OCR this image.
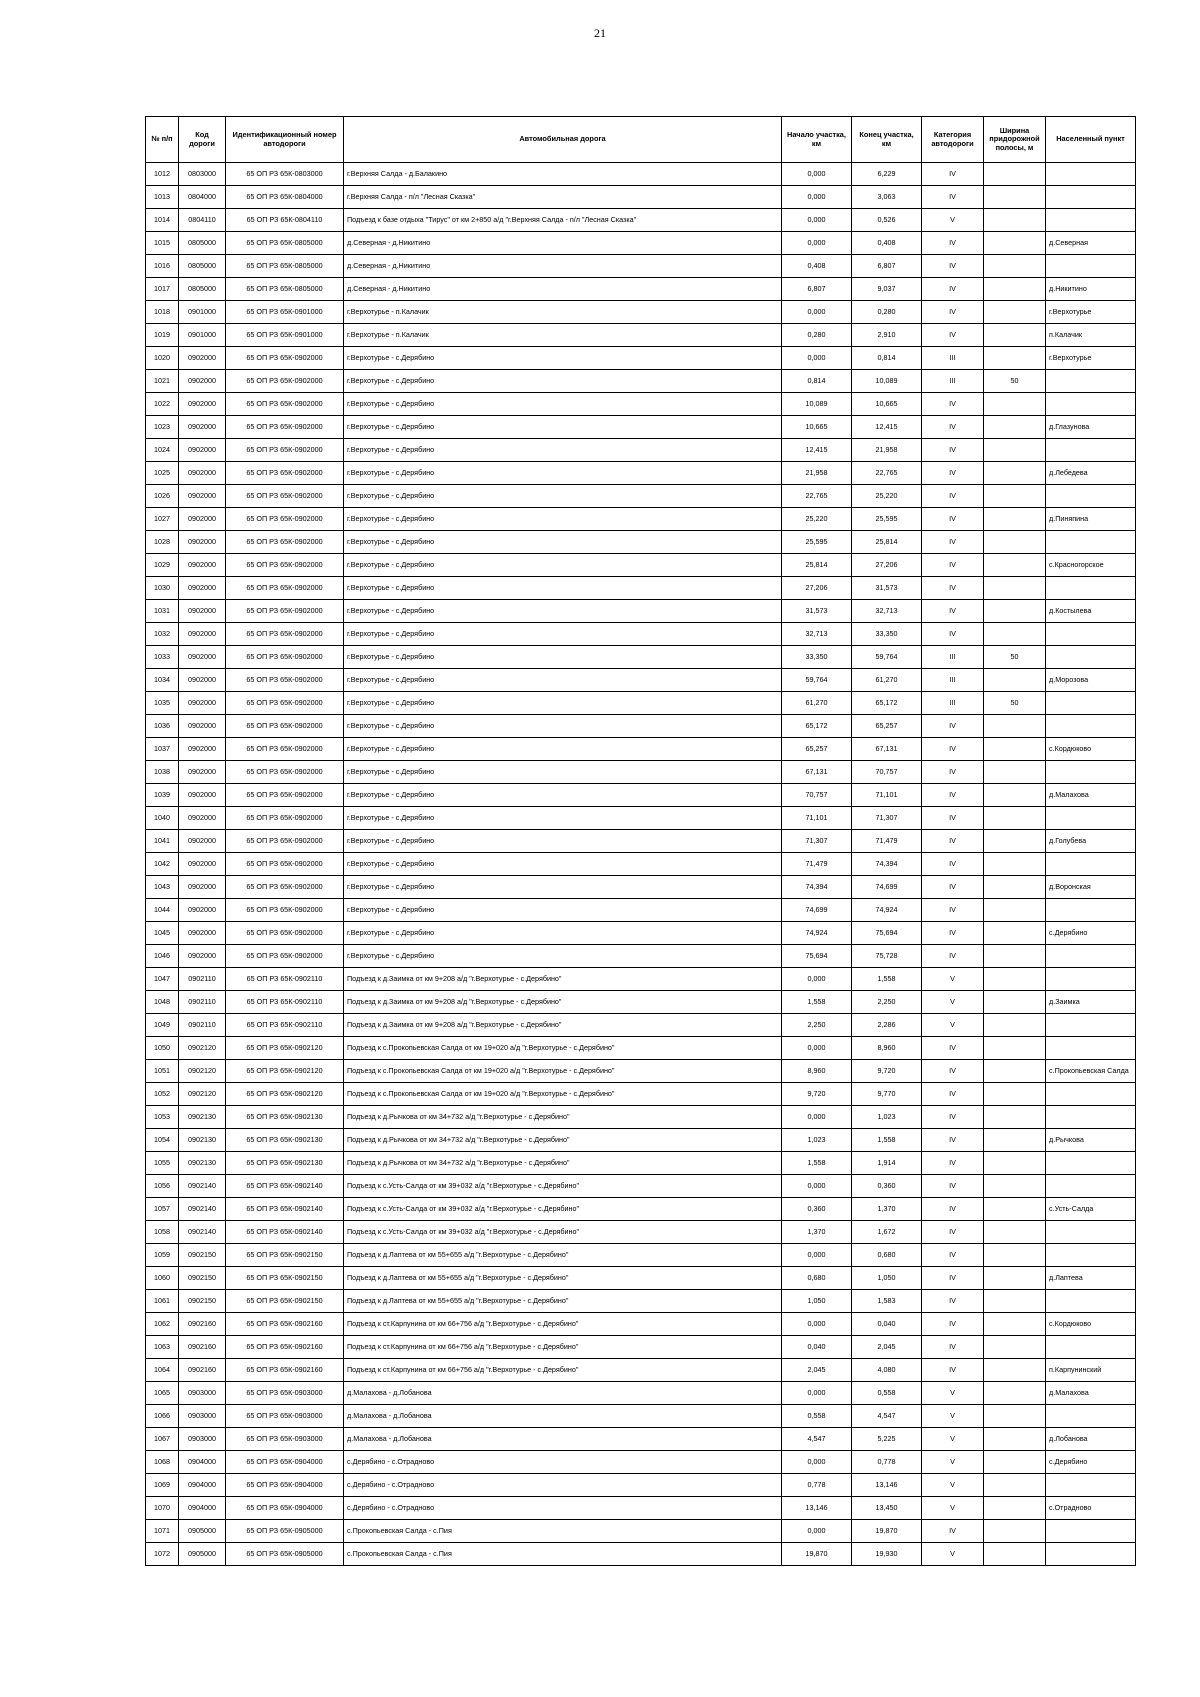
21
№ п/п	Код дороги	Идентификационный номер автодороги	Автомобильная дорога	Начало участка, км	Конец участка, км	Категория автодороги	Ширина придорожной полосы, м	Населенный пункт
1012	0803000	65 ОП РЗ 65К-0803000	г.Верхняя Салда - д.Балакино	0,000	6,229	IV		
1013	0804000	65 ОП РЗ 65К-0804000	г.Верхняя Салда - п/л "Лесная Сказка"	0,000	3,063	IV		
1014	0804110	65 ОП РЗ 65К-0804110	Подъезд к базе отдыха "Тирус" от км 2+850 а/д "г.Верхняя Салда - п/л "Лесная Сказка"	0,000	0,526	V		
1015	0805000	65 ОП РЗ 65К-0805000	д.Северная - д.Никитино	0,000	0,408	IV		д.Северная
1016	0805000	65 ОП РЗ 65К-0805000	д.Северная - д.Никитино	0,408	6,807	IV		
1017	0805000	65 ОП РЗ 65К-0805000	д.Северная - д.Никитино	6,807	9,037	IV		д.Никитино
1018	0901000	65 ОП РЗ 65К-0901000	г.Верхотурье - п.Калачик	0,000	0,280	IV		г.Верхотурье
1019	0901000	65 ОП РЗ 65К-0901000	г.Верхотурье - п.Калачик	0,280	2,910	IV		п.Калачик
1020	0902000	65 ОП РЗ 65К-0902000	г.Верхотурье - с.Дерябино	0,000	0,814	III		г.Верхотурье
1021	0902000	65 ОП РЗ 65К-0902000	г.Верхотурье - с.Дерябино	0,814	10,089	III	50	
1022	0902000	65 ОП РЗ 65К-0902000	г.Верхотурье - с.Дерябино	10,089	10,665	IV		
1023	0902000	65 ОП РЗ 65К-0902000	г.Верхотурье - с.Дерябино	10,665	12,415	IV		д.Глазунова
1024	0902000	65 ОП РЗ 65К-0902000	г.Верхотурье - с.Дерябино	12,415	21,958	IV		
1025	0902000	65 ОП РЗ 65К-0902000	г.Верхотурье - с.Дерябино	21,958	22,765	IV		д.Лебедева
1026	0902000	65 ОП РЗ 65К-0902000	г.Верхотурье - с.Дерябино	22,765	25,220	IV		
1027	0902000	65 ОП РЗ 65К-0902000	г.Верхотурье - с.Дерябино	25,220	25,595	IV		д.Пиняпина
1028	0902000	65 ОП РЗ 65К-0902000	г.Верхотурье - с.Дерябино	25,595	25,814	IV		
1029	0902000	65 ОП РЗ 65К-0902000	г.Верхотурье - с.Дерябино	25,814	27,206	IV		с.Красногорское
1030	0902000	65 ОП РЗ 65К-0902000	г.Верхотурье - с.Дерябино	27,206	31,573	IV		
1031	0902000	65 ОП РЗ 65К-0902000	г.Верхотурье - с.Дерябино	31,573	32,713	IV		д.Костылева
1032	0902000	65 ОП РЗ 65К-0902000	г.Верхотурье - с.Дерябино	32,713	33,350	IV		
1033	0902000	65 ОП РЗ 65К-0902000	г.Верхотурье - с.Дерябино	33,350	59,764	III	50	
1034	0902000	65 ОП РЗ 65К-0902000	г.Верхотурье - с.Дерябино	59,764	61,270	III		д.Морозова
1035	0902000	65 ОП РЗ 65К-0902000	г.Верхотурье - с.Дерябино	61,270	65,172	III	50	
1036	0902000	65 ОП РЗ 65К-0902000	г.Верхотурье - с.Дерябино	65,172	65,257	IV		
1037	0902000	65 ОП РЗ 65К-0902000	г.Верхотурье - с.Дерябино	65,257	67,131	IV		с.Кордюково
1038	0902000	65 ОП РЗ 65К-0902000	г.Верхотурье - с.Дерябино	67,131	70,757	IV		
1039	0902000	65 ОП РЗ 65К-0902000	г.Верхотурье - с.Дерябино	70,757	71,101	IV		д.Малахова
1040	0902000	65 ОП РЗ 65К-0902000	г.Верхотурье - с.Дерябино	71,101	71,307	IV		
1041	0902000	65 ОП РЗ 65К-0902000	г.Верхотурье - с.Дерябино	71,307	71,479	IV		д.Голубева
1042	0902000	65 ОП РЗ 65К-0902000	г.Верхотурье - с.Дерябино	71,479	74,394	IV		
1043	0902000	65 ОП РЗ 65К-0902000	г.Верхотурье - с.Дерябино	74,394	74,699	IV		д.Воронская
1044	0902000	65 ОП РЗ 65К-0902000	г.Верхотурье - с.Дерябино	74,699	74,924	IV		
1045	0902000	65 ОП РЗ 65К-0902000	г.Верхотурье - с.Дерябино	74,924	75,694	IV		с.Дерябино
1046	0902000	65 ОП РЗ 65К-0902000	г.Верхотурье - с.Дерябино	75,694	75,728	IV		
1047	0902110	65 ОП РЗ 65К-0902110	Подъезд к д.Заимка от км 9+208 а/д "г.Верхотурье - с.Дерябино"	0,000	1,558	V		
1048	0902110	65 ОП РЗ 65К-0902110	Подъезд к д.Заимка от км 9+208 а/д "г.Верхотурье - с.Дерябино"	1,558	2,250	V		д.Заимка
1049	0902110	65 ОП РЗ 65К-0902110	Подъезд к д.Заимка от км 9+208 а/д "г.Верхотурье - с.Дерябино"	2,250	2,286	V		
1050	0902120	65 ОП РЗ 65К-0902120	Подъезд к с.Прокопьевская Салда от км 19+020 а/д "г.Верхотурье - с.Дерябино"	0,000	8,960	IV		
1051	0902120	65 ОП РЗ 65К-0902120	Подъезд к с.Прокопьевская Салда от км 19+020 а/д "г.Верхотурье - с.Дерябино"	8,960	9,720	IV		с.Прокопьевская Салда
1052	0902120	65 ОП РЗ 65К-0902120	Подъезд к с.Прокопьевская Салда от км 19+020 а/д "г.Верхотурье - с.Дерябино"	9,720	9,770	IV		
1053	0902130	65 ОП РЗ 65К-0902130	Подъезд к д.Рычкова от км 34+732 а/д "г.Верхотурье - с.Дерябино"	0,000	1,023	IV		
1054	0902130	65 ОП РЗ 65К-0902130	Подъезд к д.Рычкова от км 34+732 а/д "г.Верхотурье - с.Дерябино"	1,023	1,558	IV		д.Рычкова
1055	0902130	65 ОП РЗ 65К-0902130	Подъезд к д.Рычкова от км 34+732 а/д "г.Верхотурье - с.Дерябино"	1,558	1,914	IV		
1056	0902140	65 ОП РЗ 65К-0902140	Подъезд к с.Усть-Салда от км 39+032 а/д "г.Верхотурье - с.Дерябино"	0,000	0,360	IV		
1057	0902140	65 ОП РЗ 65К-0902140	Подъезд к с.Усть-Салда от км 39+032 а/д "г.Верхотурье - с.Дерябино"	0,360	1,370	IV		с.Усть-Салда
1058	0902140	65 ОП РЗ 65К-0902140	Подъезд к с.Усть-Салда от км 39+032 а/д "г.Верхотурье - с.Дерябино"	1,370	1,672	IV		
1059	0902150	65 ОП РЗ 65К-0902150	Подъезд к д.Лаптева от км 55+655 а/д "г.Верхотурье - с.Дерябино"	0,000	0,680	IV		
1060	0902150	65 ОП РЗ 65К-0902150	Подъезд к д.Лаптева от км 55+655 а/д "г.Верхотурье - с.Дерябино"	0,680	1,050	IV		д.Лаптева
1061	0902150	65 ОП РЗ 65К-0902150	Подъезд к д.Лаптева от км 55+655 а/д "г.Верхотурье - с.Дерябино"	1,050	1,583	IV		
1062	0902160	65 ОП РЗ 65К-0902160	Подъезд к ст.Карпунина от км 66+756 а/д "г.Верхотурье - с.Дерябино"	0,000	0,040	IV		с.Кордюково
1063	0902160	65 ОП РЗ 65К-0902160	Подъезд к ст.Карпунина от км 66+756 а/д "г.Верхотурье - с.Дерябино"	0,040	2,045	IV		
1064	0902160	65 ОП РЗ 65К-0902160	Подъезд к ст.Карпунина от км 66+756 а/д "г.Верхотурье - с.Дерябино"	2,045	4,080	IV		п.Карпунинский
1065	0903000	65 ОП РЗ 65К-0903000	д.Малахова - д.Лобанова	0,000	0,558	V		д.Малахова
1066	0903000	65 ОП РЗ 65К-0903000	д.Малахова - д.Лобанова	0,558	4,547	V		
1067	0903000	65 ОП РЗ 65К-0903000	д.Малахова - д.Лобанова	4,547	5,225	V		д.Лобанова
1068	0904000	65 ОП РЗ 65К-0904000	с.Дерябино - с.Отрадново	0,000	0,778	V		с.Дерябино
1069	0904000	65 ОП РЗ 65К-0904000	с.Дерябино - с.Отрадново	0,778	13,146	V		
1070	0904000	65 ОП РЗ 65К-0904000	с.Дерябино - с.Отрадново	13,146	13,450	V		с.Отрадново
1071	0905000	65 ОП РЗ 65К-0905000	с.Прокопьевская Салда - с.Пия	0,000	19,870	IV		
1072	0905000	65 ОП РЗ 65К-0905000	с.Прокопьевская Салда - с.Пия	19,870	19,930	V		
